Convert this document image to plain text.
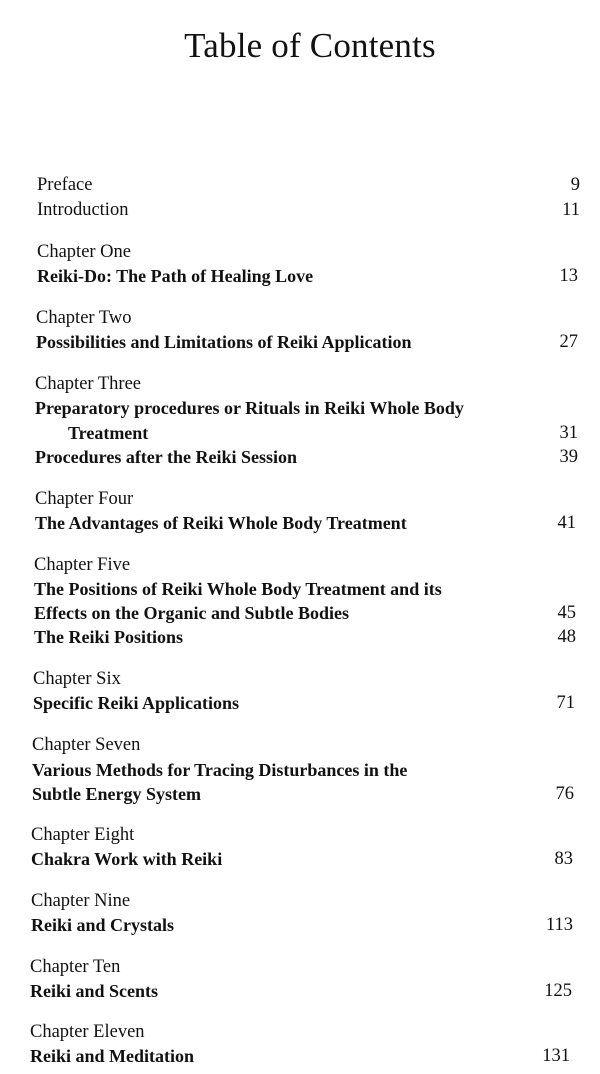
Table of Contents
Preface	9
Introduction	11
Chapter One
Reiki-Do: The Path of Healing Love	13
Chapter Two
Possibilities and Limitations of Reiki Application	27
Chapter Three
Preparatory procedures or Rituals in Reiki Whole Body
Treatment	31
Procedures after the Reiki Session	39
Chapter Four
The Advantages of Reiki Whole Body Treatment	41
Chapter Five
The Positions of Reiki Whole Body Treatment and its
Effects on the Organic and Subtle Bodies	45
The Reiki Positions	48
Chapter Six
Specific Reiki Applications	71
Chapter Seven
Various Methods for Tracing Disturbances in the
Subtle Energy System	76
Chapter Eight
Chakra Work with Reiki	83
Chapter Nine
Reiki and Crystals	113
Chapter Ten
Reiki and Scents	125
Chapter Eleven
Reiki and Meditation	131
